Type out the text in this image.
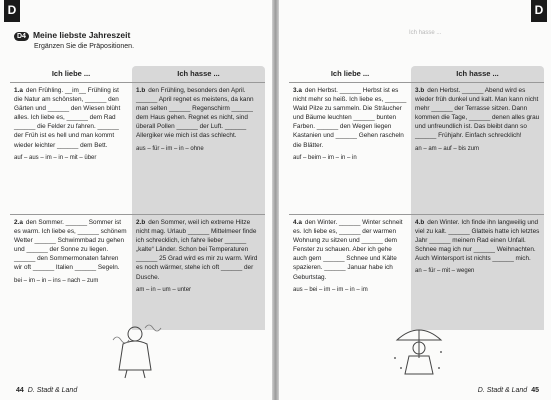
D
D4 Meine liebste Jahreszeit
Ergänzen Sie die Präpositionen.
Ich liebe ...	Ich hasse ...
1.a den Frühling. __im__ Frühling ist die Natur am schönsten, ______ den Gärten und ______ den Wiesen blüht alles. Ich liebe es, ______ dem Rad ______ die Felder zu fahren. ______ der Früh ist es hell und man kommt wieder leichter ______ dem Bett.
auf – aus – im – in – mit – über
1.b den Frühling, besonders den April. ______ April regnet es meistens, da kann man selten ______ Regenschirm ______ dem Haus gehen. Regnet es nicht, sind überall Pollen ______ der Luft. ______ Allergiker wie mich ist das schlecht.
aus – für – im – in – ohne
2.a den Sommer. ______ Sommer ist es warm. Ich liebe es, ______ schönem Wetter ______ Schwimmbad zu gehen und ______ der Sonne zu liegen. ______ den Sommermonaten fahren wir oft ______ Italien ______ Segeln.
bei – im – in – ins – nach – zum
2.b den Sommer, weil ich extreme Hitze nicht mag. Urlaub ______ Mittelmeer finde ich schrecklich, ich fahre lieber ______ „kalte“ Länder. Schon bei Temperaturen ______ 25 Grad wird es mir zu warm. Wird es noch wärmer, stehe ich oft ______ der Dusche.
am – in – um – unter
44 D. Stadt & Land
D
Ich hasse ...
Ich liebe ...	Ich hasse ...
3.a den Herbst. ______ Herbst ist es nicht mehr so heiß. Ich liebe es, ______ Wald Pilze zu sammeln. Die Sträucher und Bäume leuchten ______ bunten Farben. ______ den Wegen liegen Kastanien und ______ Gehen rascheln die Blätter.
auf – beim – im – in – in
3.b den Herbst. ______ Abend wird es wieder früh dunkel und kalt. Man kann nicht mehr ______ der Terrasse sitzen. Dann kommen die Tage, ______ denen alles grau und unfreundlich ist. Das bleibt dann so ______ Frühjahr. Einfach schrecklich!
an – am – auf – bis zum
4.a den Winter. ______ Winter schneit es. Ich liebe es, ______ der warmen Wohnung zu sitzen und ______ dem Fenster zu schauen. Aber ich gehe auch gern ______ Schnee und Kälte spazieren. ______ Januar habe ich Geburtstag.
aus – bei – im – im – in – im
4.b den Winter. Ich finde ihn langweilig und viel zu kalt. ______ Glatteis hatte ich letztes Jahr ______ meinem Rad einen Unfall. Schnee mag ich nur ______ Weihnachten. Auch Wintersport ist nichts ______ mich.
an – für – mit – wegen
D. Stadt & Land 45
